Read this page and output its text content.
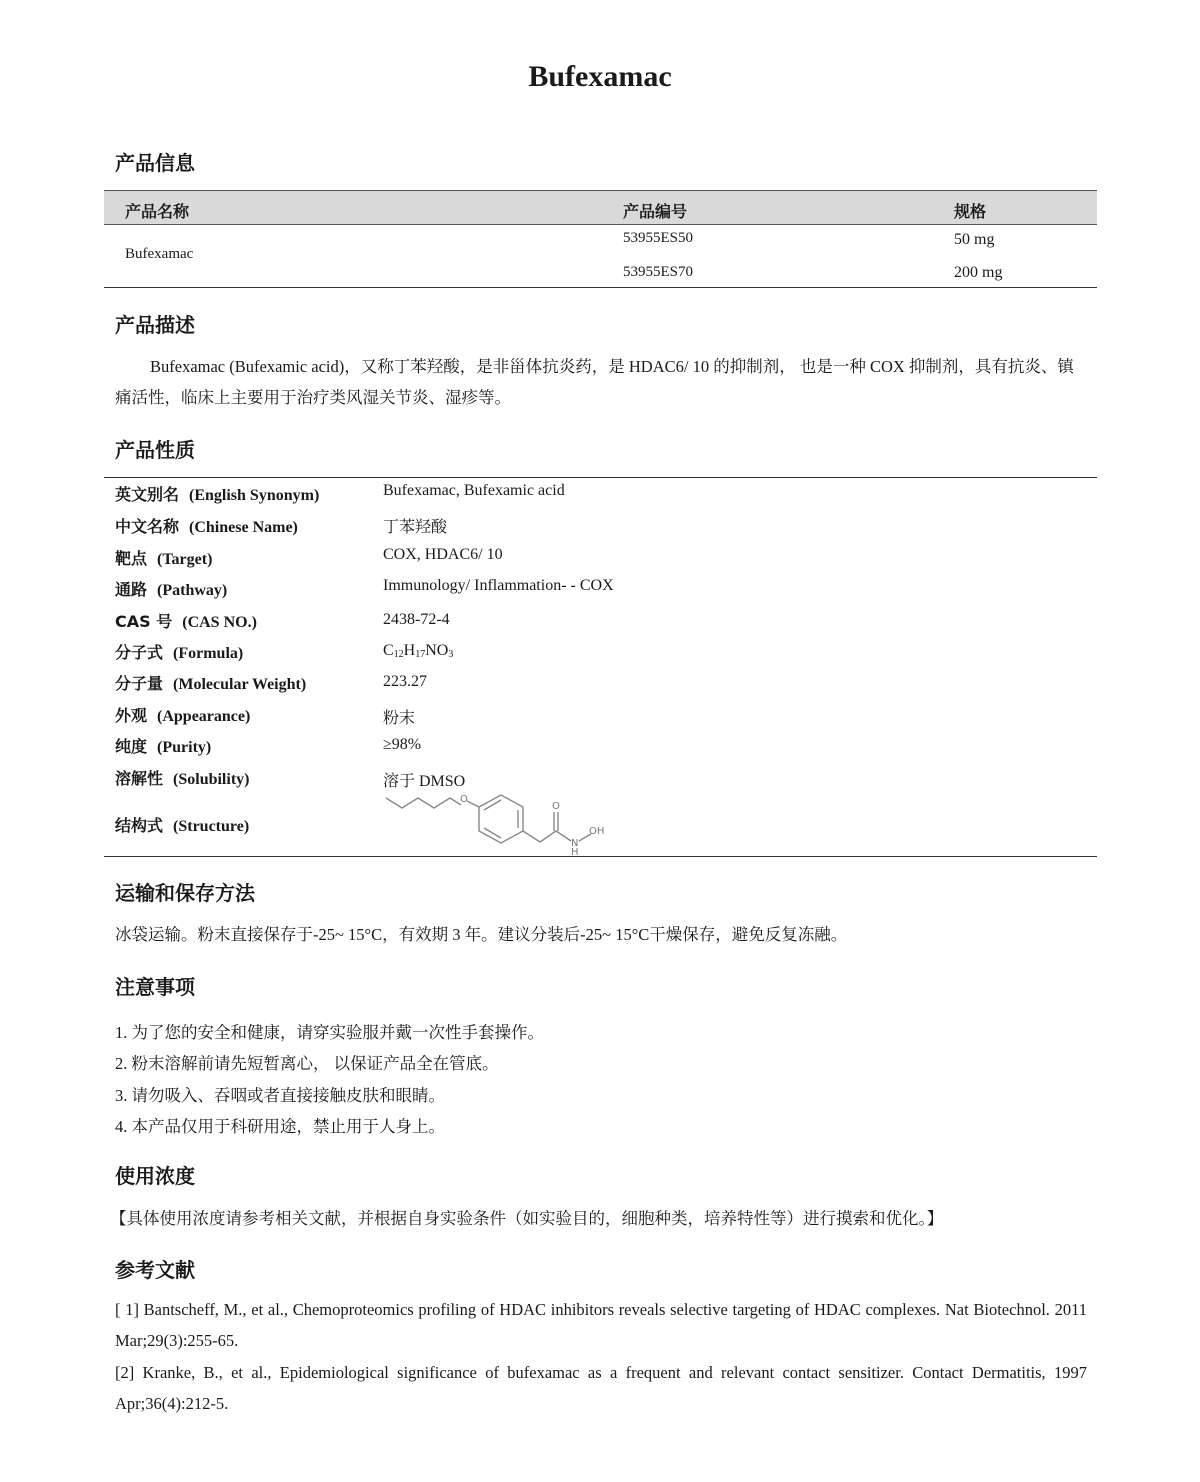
Bufexamac
产品信息
产品名称	产品编号	规格
Bufexamac
53955ES50	50 mg
53955ES70	200 mg
产品描述
Bufexamac (Bufexamic acid)，又称丁苯羟酸，是非甾体抗炎药，是 HDAC6/ 10 的抑制剂， 也是一种 COX 抑制剂，具有抗炎、镇痛活性，临床上主要用于治疗类风湿关节炎、湿疹等。
产品性质
英文别名 (English Synonym)	Bufexamac, Bufexamic acid
中文名称 (Chinese Name)	丁苯羟酸
靶点 (Target)	COX, HDAC6/ 10
通路 (Pathway)	Immunology/ Inflammation- - COX
CAS 号 (CAS NO.)	2438-72-4
分子式 (Formula)	$C_{12}H_{17}NO_3$
分子量 (Molecular Weight)	223.27
外观 (Appearance)	粉末
纯度 (Purity)	≥98%
溶解性 (Solubility)	溶于 DMSO
结构式 (Structure)
O
O
N
H
OH
运输和保存方法
冰袋运输。粉末直接保存于-25~ 15°C，有效期 3 年。建议分装后-25~ 15°C干燥保存，避免反复冻融。
注意事项
1. 为了您的安全和健康，请穿实验服并戴一次性手套操作。
2. 粉末溶解前请先短暂离心， 以保证产品全在管底。
3. 请勿吸入、吞咽或者直接接触皮肤和眼睛。
4. 本产品仅用于科研用途，禁止用于人身上。
使用浓度
【具体使用浓度请参考相关文献，并根据自身实验条件（如实验目的，细胞种类，培养特性等）进行摸索和优化。】
参考文献
[ 1] Bantscheff, M., et al., Chemoproteomics profiling of HDAC inhibitors reveals selective targeting of HDAC complexes. Nat Biotechnol. 2011 Mar;29(3):255-65.
[2] Kranke, B., et al., Epidemiological significance of bufexamac as a frequent and relevant contact sensitizer. Contact Dermatitis, 1997 Apr;36(4):212-5.
